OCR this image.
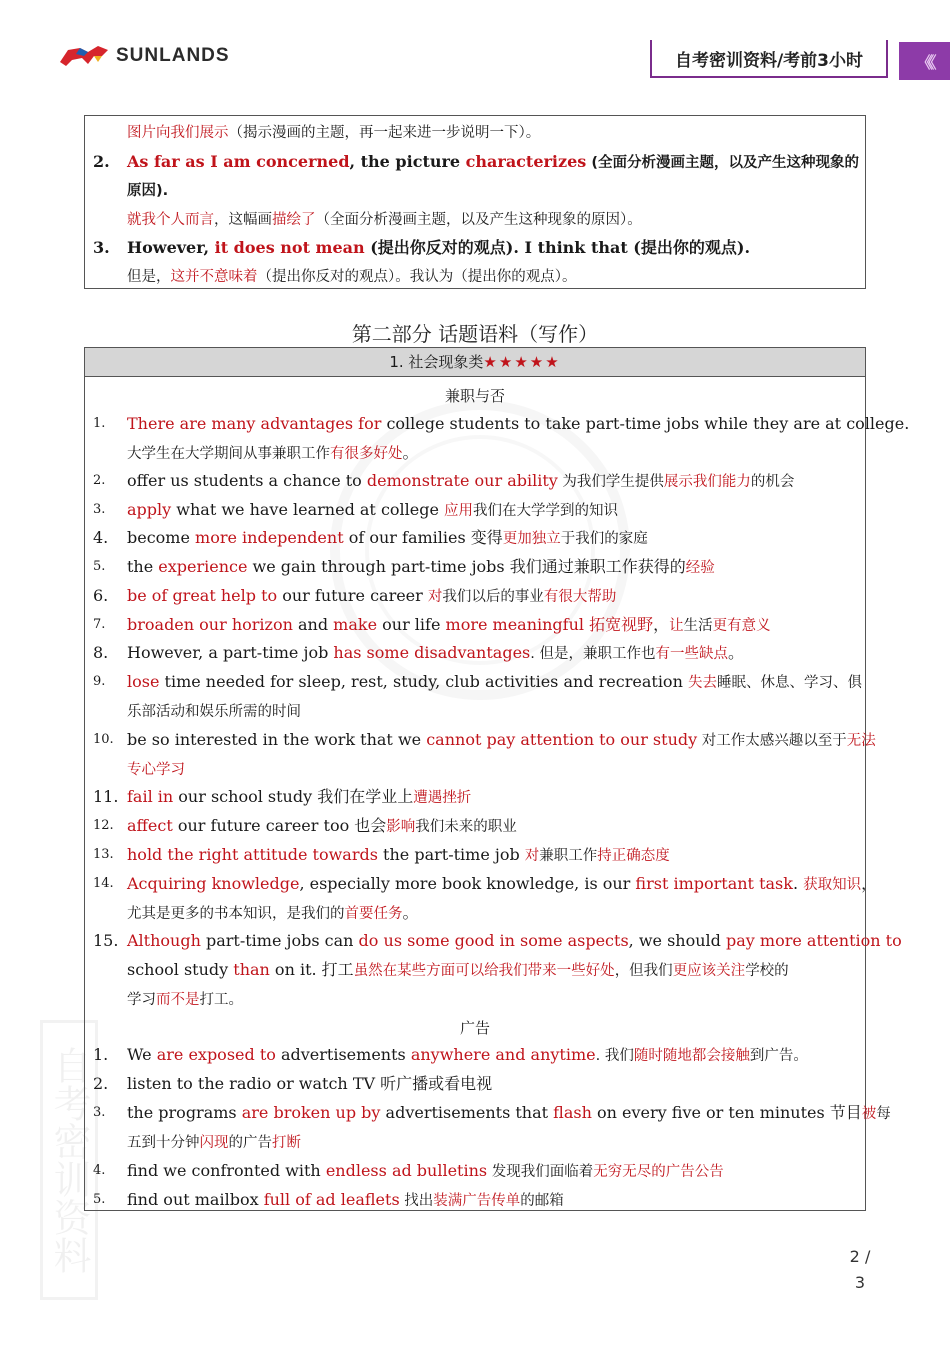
SUNLANDS	自考密训资料/考前3小时	《《
自考密训资料
图片向我们展示（揭示漫画的主题，再一起来进一步说明一下）。
2. As far as I am concerned, the picture characterizes (全面分析漫画主题，以及产生这种现象的
原因).
就我个人而言，这幅画描绘了（全面分析漫画主题，以及产生这种现象的原因）。
3. However, it does not mean (提出你反对的观点). I think that (提出你的观点).
但是，这并不意味着（提出你反对的观点）。我认为（提出你的观点）。
第二部分 话题语料（写作）
1. 社会现象类★★★★★
兼职与否
1. There are many advantages for college students to take part-time jobs while they are at college.
大学生在大学期间从事兼职工作有很多好处。
2. offer us students a chance to demonstrate our ability 为我们学生提供展示我们能力的机会
3. apply what we have learned at college 应用我们在大学学到的知识
4. become more independent of our families 变得更加独立于我们的家庭
5. the experience we gain through part-time jobs 我们通过兼职工作获得的经验
6. be of great help to our future career 对我们以后的事业有很大帮助
7. broaden our horizon and make our life more meaningful 拓宽视野，让生活更有意义
8. However, a part-time job has some disadvantages. 但是，兼职工作也有一些缺点。
9. lose time needed for sleep, rest, study, club activities and recreation 失去睡眠、休息、学习、俱
乐部活动和娱乐所需的时间
10. be so interested in the work that we cannot pay attention to our study 对工作太感兴趣以至于无法
专心学习
11. fail in our school study 我们在学业上遭遇挫折
12. affect our future career too 也会影响我们未来的职业
13. hold the right attitude towards the part-time job 对兼职工作持正确态度
14. Acquiring knowledge, especially more book knowledge, is our first important task. 获取知识，
尤其是更多的书本知识，是我们的首要任务。
15. Although part-time jobs can do us some good in some aspects, we should pay more attention to
school study than on it. 打工虽然在某些方面可以给我们带来一些好处，但我们更应该关注学校的
学习而不是打工。
广告
1. We are exposed to advertisements anywhere and anytime. 我们随时随地都会接触到广告。
2. listen to the radio or watch TV 听广播或看电视
3. the programs are broken up by advertisements that flash on every five or ten minutes 节目被每
五到十分钟闪现的广告打断
4. find we confronted with endless ad bulletins 发现我们面临着无穷无尽的广告公告
5. find out mailbox full of ad leaflets 找出装满广告传单的邮箱
2 /
3
